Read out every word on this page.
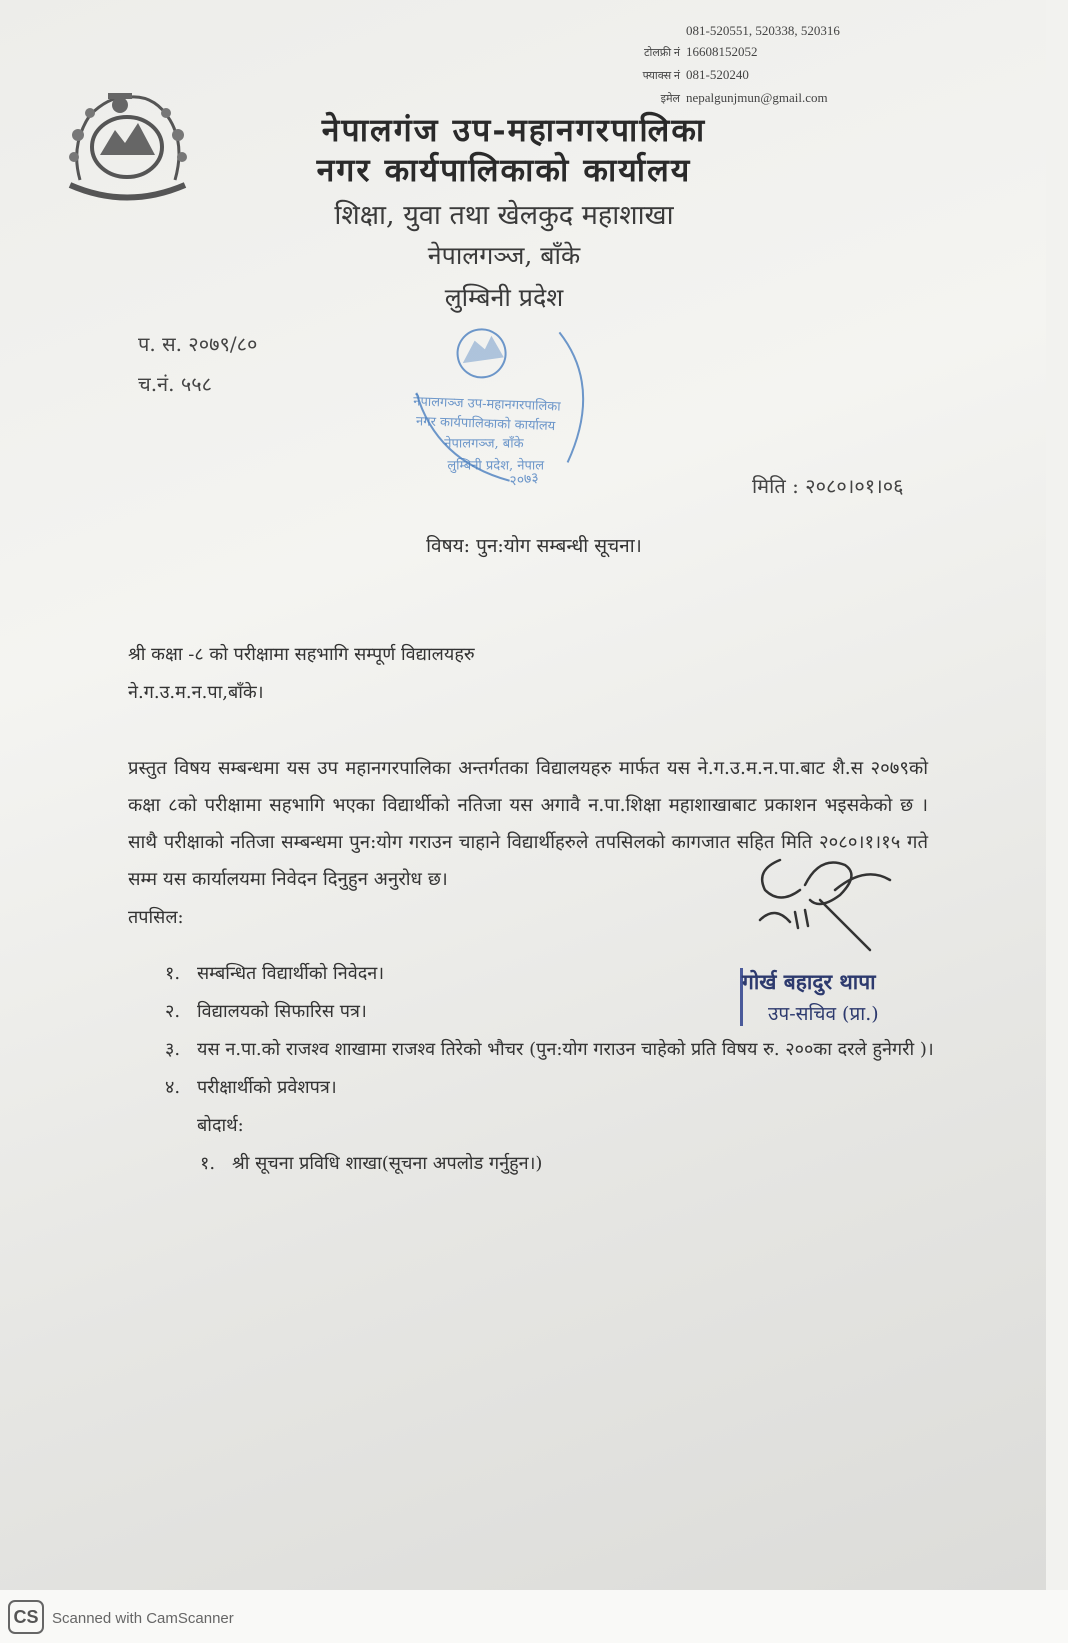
081-520551, 520338, 520316
टोलफ्री नं 16608152052
फ्याक्स नं 081-520240
इमेल nepalgunjmun@gmail.com
नेपालगंज उप-महानगरपालिका
नगर कार्यपालिकाको कार्यालय
शिक्षा, युवा तथा खेलकुद महाशाखा
नेपालगञ्ज, बाँके
लुम्बिनी प्रदेश
प. स. २०७९/८०
च.नं. ५५८
नेपालगञ्ज उप-महानगरपालिका
नगर कार्यपालिकाको कार्यालय
नेपालगञ्ज, बाँके
लुम्बिनी प्रदेश, नेपाल
२०७३	मिति : २०८०।०१।०६
विषय: पुन:योग सम्बन्धी सूचना।
श्री कक्षा -८ को परीक्षामा सहभागि सम्पूर्ण विद्यालयहरु
ने.ग.उ.म.न.पा,बाँके।
प्रस्तुत विषय सम्बन्धमा यस उप महानगरपालिका अन्तर्गतका विद्यालयहरु मार्फत यस ने.ग.उ.म.न.पा.बाट शै.स २०७९को कक्षा ८को परीक्षामा सहभागि भएका विद्यार्थीको नतिजा यस अगावै न.पा.शिक्षा महाशाखाबाट प्रकाशन भइसकेको छ । साथै परीक्षाको नतिजा सम्बन्धमा पुन:योग गराउन चाहाने विद्यार्थीहरुले तपसिलको कागजात सहित मिति २०८०।१।१५ गते सम्म यस कार्यालयमा निवेदन दिनुहुन अनुरोध छ।
तपसिल:
१. सम्बन्धित विद्यार्थीको निवेदन।
२. विद्यालयको सिफारिस पत्र।
३. यस न.पा.को राजश्व शाखामा राजश्व तिरेको भौचर (पुन:योग गराउन चाहेको प्रति विषय रु. २००का दरले हुनेगरी )।
४. परीक्षार्थीको प्रवेशपत्र।
बोदार्थ:
१. श्री सूचना प्रविधि शाखा(सूचना अपलोड गर्नुहुन।)
गोर्ख बहादुर थापा
उप-सचिव (प्रा.)
CS Scanned with CamScanner
